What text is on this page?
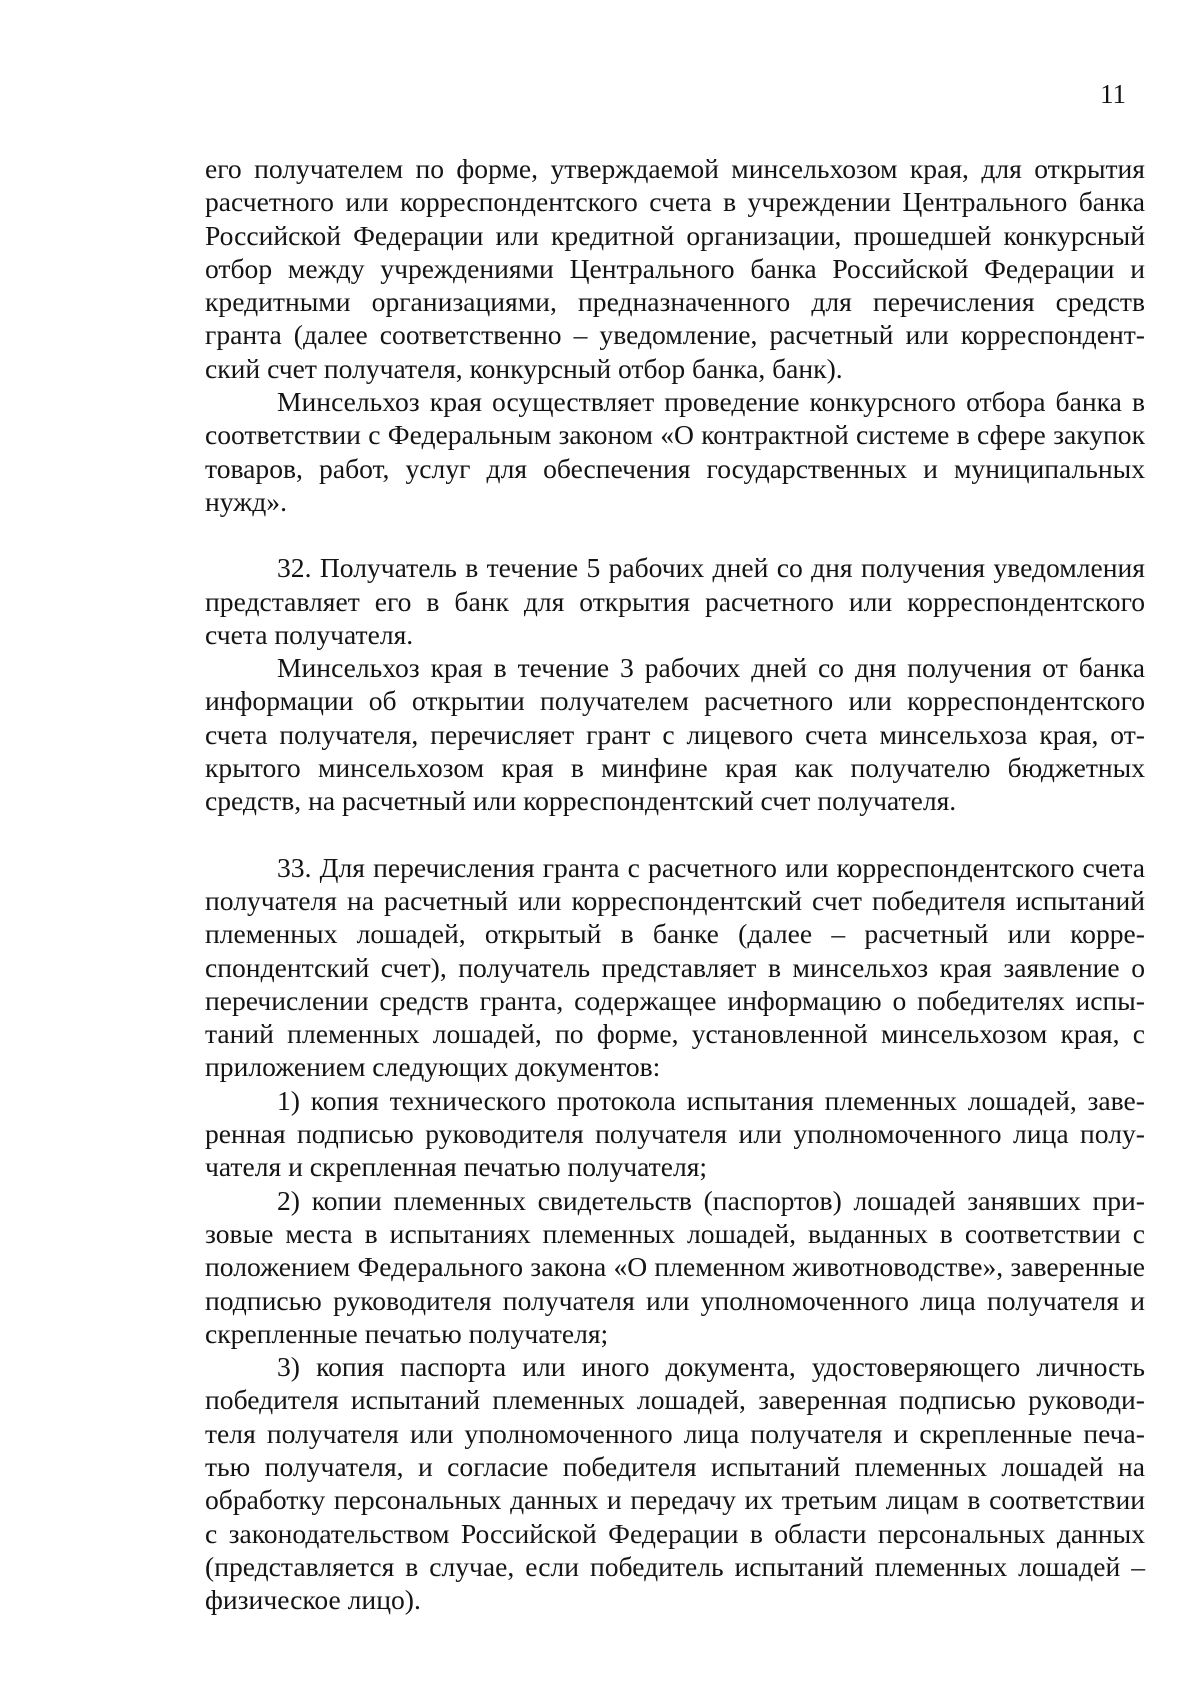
11

его получателем по форме, утверждаемой минсельхозом края, для открытия расчетного или корреспондентского счета в учреждении Центрального банка Российской Федерации или кредитной организации, прошедшей конкурсный отбор между учреждениями Центрального банка Российской Федерации и кредитными организациями, предназначенного для перечисления средств гранта (далее соответственно – уведомление, расчетный или корреспондентский счет получателя, конкурсный отбор банка, банк).

Минсельхоз края осуществляет проведение конкурсного отбора банка в соответствии с Федеральным законом «О контрактной системе в сфере закупок товаров, работ, услуг для обеспечения государственных и муниципальных нужд».

32. Получатель в течение 5 рабочих дней со дня получения уведомления представляет его в банк для открытия расчетного или корреспондентского счета получателя.

Минсельхоз края в течение 3 рабочих дней со дня получения от банка информации об открытии получателем расчетного или корреспондентского счета получателя, перечисляет грант с лицевого счета минсельхоза края, открытого минсельхозом края в минфине края как получателю бюджетных средств, на расчетный или корреспондентский счет получателя.

33. Для перечисления гранта с расчетного или корреспондентского счета получателя на расчетный или корреспондентский счет победителя испытаний племенных лошадей, открытый в банке (далее – расчетный или корреспондентский счет), получатель представляет в минсельхоз края заявление о перечислении средств гранта, содержащее информацию о победителях испытаний племенных лошадей, по форме, установленной минсельхозом края, с приложением следующих документов:

1) копия технического протокола испытания племенных лошадей, заверенная подписью руководителя получателя или уполномоченного лица получателя и скрепленная печатью получателя;

2) копии племенных свидетельств (паспортов) лошадей занявших призовые места в испытаниях племенных лошадей, выданных в соответствии с положением Федерального закона «О племенном животноводстве», заверенные подписью руководителя получателя или уполномоченного лица получателя и скрепленные печатью получателя;

3) копия паспорта или иного документа, удостоверяющего личность победителя испытаний племенных лошадей, заверенная подписью руководителя получателя или уполномоченного лица получателя и скрепленные печатью получателя, и согласие победителя испытаний племенных лошадей на обработку персональных данных и передачу их третьим лицам в соответствии с законодательством Российской Федерации в области персональных данных (представляется в случае, если победитель испытаний племенных лошадей – физическое лицо).
